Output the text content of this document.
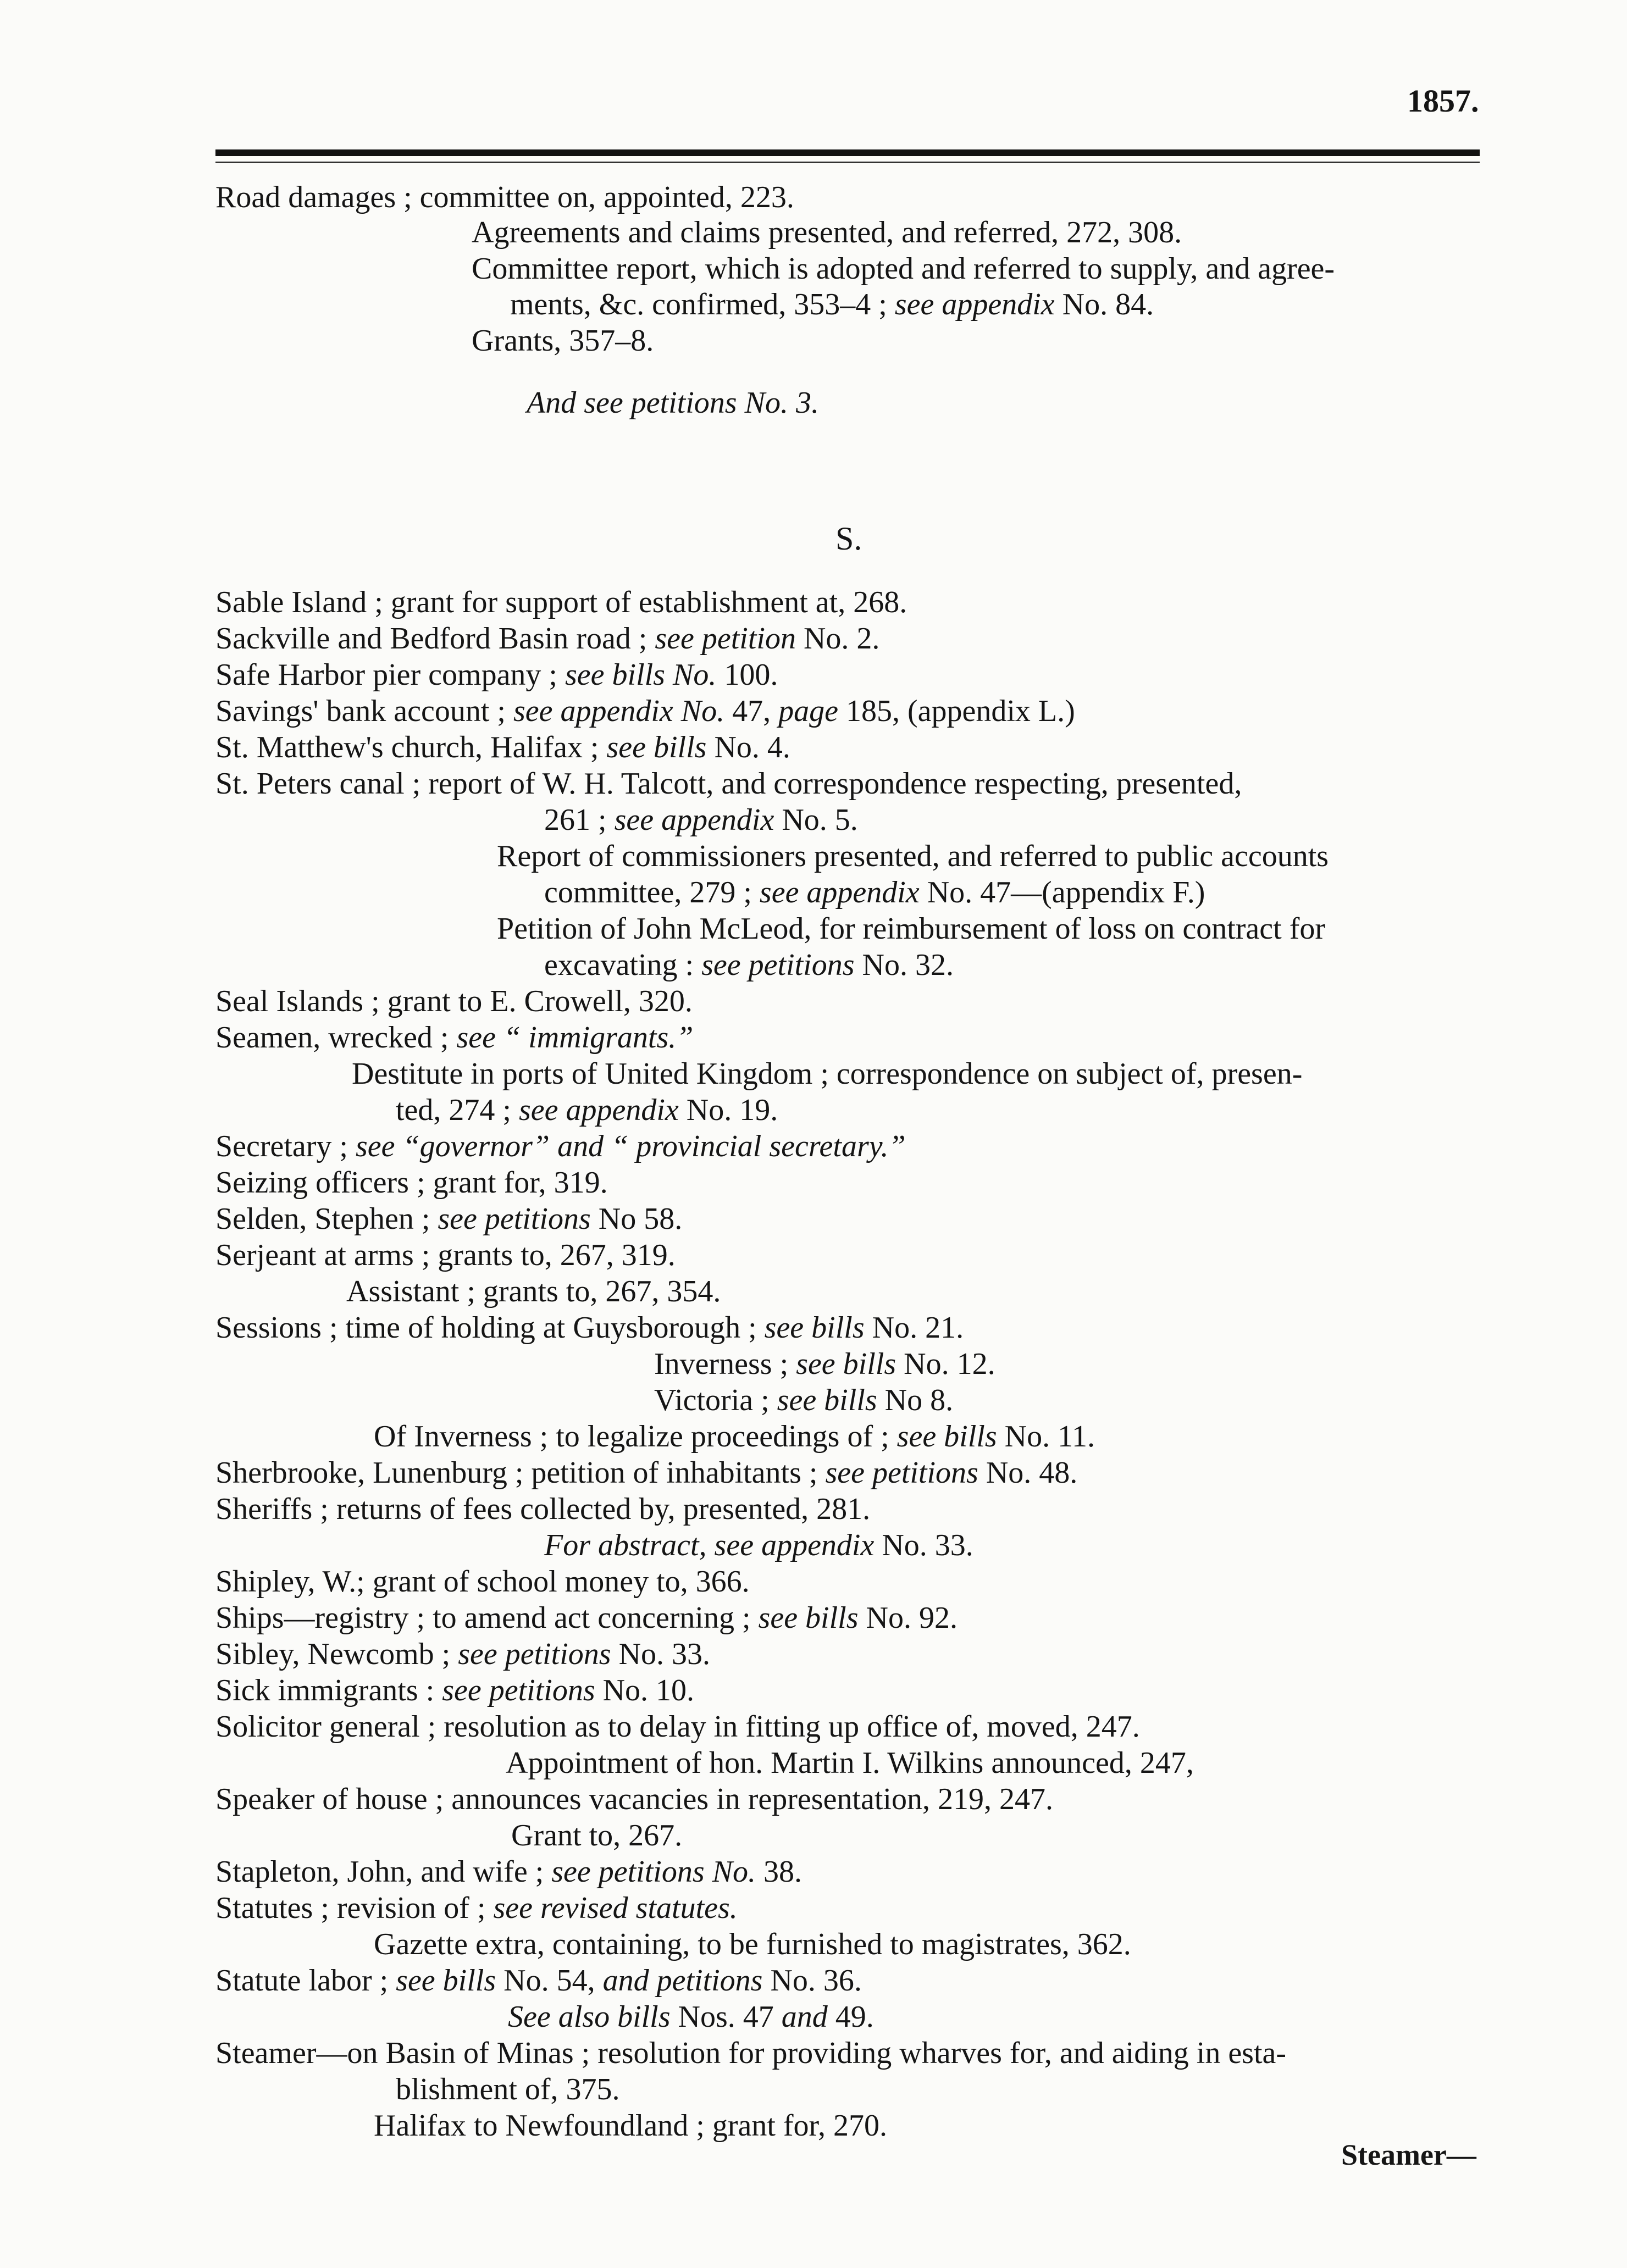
1857.
S.
Road damages ; committee on, appointed, 223.
Agreements and claims presented, and referred, 272, 308.
Committee report, which is adopted and referred to supply, and agree-
ments, &c. confirmed, 353–4 ; see appendix No. 84.
Grants, 357–8.
And see petitions No. 3.
Sable Island ; grant for support of establishment at, 268.
Sackville and Bedford Basin road ; see petition No. 2.
Safe Harbor pier company ; see bills No. 100.
Savings' bank account ; see appendix No. 47, page 185, (appendix L.)
St. Matthew's church, Halifax ; see bills No. 4.
St. Peters canal ; report of W. H. Talcott, and correspondence respecting, presented,
261 ; see appendix No. 5.
Report of commissioners presented, and referred to public accounts
committee, 279 ; see appendix No. 47—(appendix F.)
Petition of John McLeod, for reimbursement of loss on contract for
excavating : see petitions No. 32.
Seal Islands ; grant to E. Crowell, 320.
Seamen, wrecked ; see “ immigrants.”
Destitute in ports of United Kingdom ; correspondence on subject of, presen-
ted, 274 ; see appendix No. 19.
Secretary ; see “governor” and “ provincial secretary.”
Seizing officers ; grant for, 319.
Selden, Stephen ; see petitions No 58.
Serjeant at arms ; grants to, 267, 319.
Assistant ; grants to, 267, 354.
Sessions ; time of holding at Guysborough ; see bills No. 21.
Inverness ; see bills No. 12.
Victoria ; see bills No 8.
Of Inverness ; to legalize proceedings of ; see bills No. 11.
Sherbrooke, Lunenburg ; petition of inhabitants ; see petitions No. 48.
Sheriffs ; returns of fees collected by, presented, 281.
For abstract, see appendix No. 33.
Shipley, W.; grant of school money to, 366.
Ships—registry ; to amend act concerning ; see bills No. 92.
Sibley, Newcomb ; see petitions No. 33.
Sick immigrants : see petitions No. 10.
Solicitor general ; resolution as to delay in fitting up office of, moved, 247.
Appointment of hon. Martin I. Wilkins announced, 247,
Speaker of house ; announces vacancies in representation, 219, 247.
Grant to, 267.
Stapleton, John, and wife ; see petitions No. 38.
Statutes ; revision of ; see revised statutes.
Gazette extra, containing, to be furnished to magistrates, 362.
Statute labor ; see bills No. 54, and petitions No. 36.
See also bills Nos. 47 and 49.
Steamer—on Basin of Minas ; resolution for providing wharves for, and aiding in esta-
blishment of, 375.
Halifax to Newfoundland ; grant for, 270.
Steamer—
